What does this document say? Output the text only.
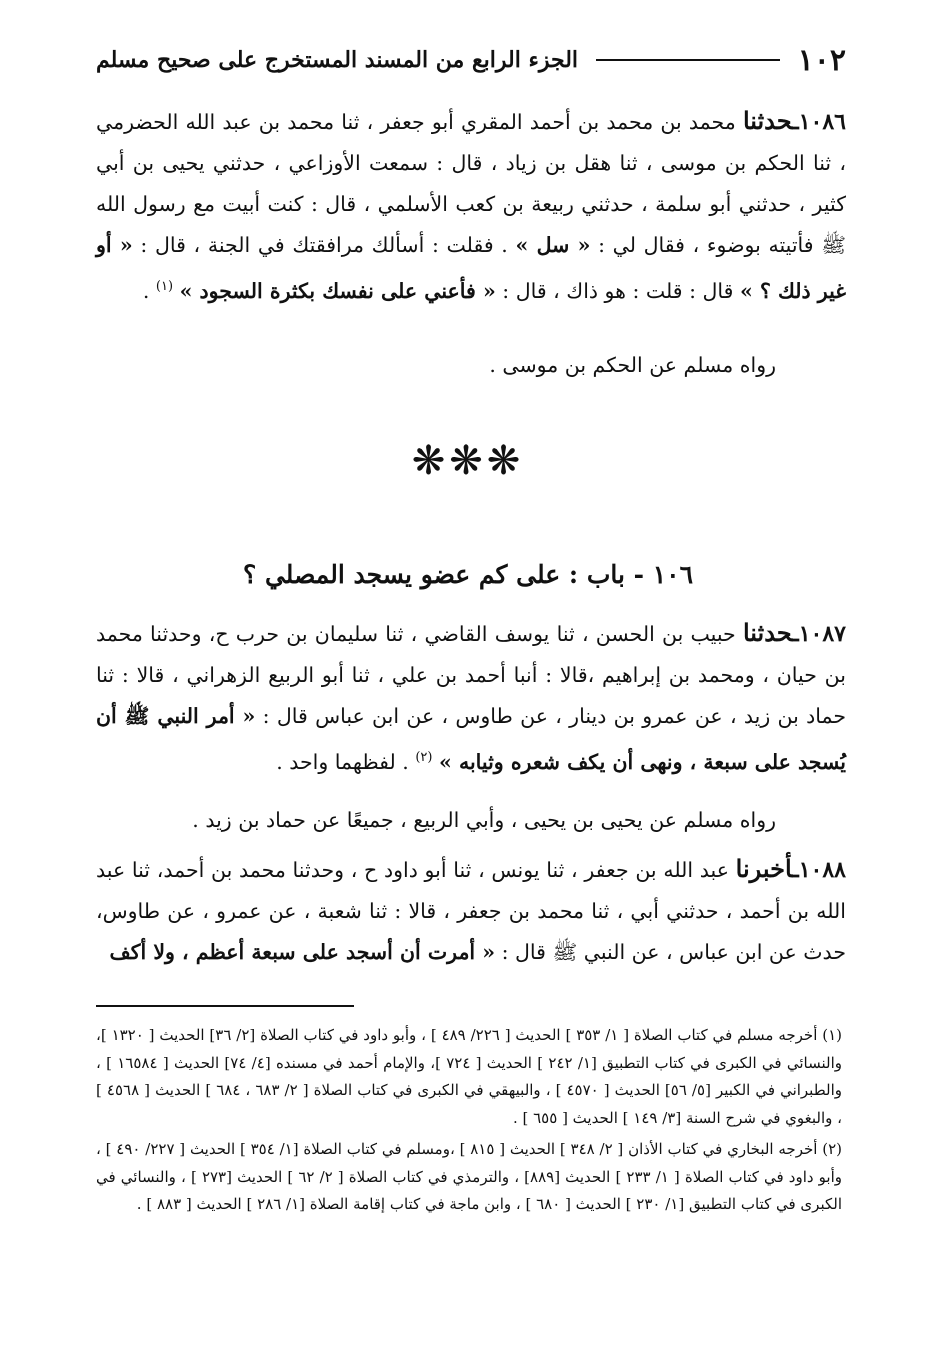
١٠٢
الجزء الرابع من المسند المستخرج على صحيح مسلم
١٠٨٦ـحدثنا محمد بن محمد بن أحمد المقري أبو جعفر ، ثنا محمد بن عبد الله الحضرمي ، ثنا الحكم بن موسى ، ثنا هقل بن زياد ، قال : سمعت الأوزاعي ، حدثني يحيى بن أبي كثير ، حدثني أبو سلمة ، حدثني ربيعة بن كعب الأسلمي ، قال : كنت أبيت مع رسول الله ﷺ فأتيته بوضوء ، فقال لي : « سل » . فقلت : أسألك مرافقتك في الجنة ، قال : « أو غير ذلك ؟ » قال : قلت : هو ذاك ، قال : « فأعني على نفسك بكثرة السجود » $^{(١)}$ .
رواه مسلم عن الحكم بن موسى .
❋❋❋
١٠٦ - باب : على كم عضو يسجد المصلي ؟
١٠٨٧ـحدثنا حبيب بن الحسن ، ثنا يوسف القاضي ، ثنا سليمان بن حرب ح، وحدثنا محمد بن حيان ، ومحمد بن إبراهيم ،قالا : أنبا أحمد بن علي ، ثنا أبو الربيع الزهراني ، قالا : ثنا حماد بن زيد ، عن عمرو بن دينار ، عن طاوس ، عن ابن عباس قال : « أمر النبي ﷺ أن يُسجد على سبعة ، ونهى أن يكف شعره وثيابه » $^{(٢)}$ . لفظهما واحد .
رواه مسلم عن يحيى بن يحيى ، وأبي الربيع ، جميعًا عن حماد بن زيد .
١٠٨٨ـأخبرنا عبد الله بن جعفر ، ثنا يونس ، ثنا أبو داود ح ، وحدثنا محمد بن أحمد، ثنا عبد الله بن أحمد ، حدثني أبي ، ثنا محمد بن جعفر ، قالا : ثنا شعبة ، عن عمرو ، عن طاوس، حدث عن ابن عباس ، عن النبي ﷺ قال : « أمرت أن أسجد على سبعة أعظم ، ولا أكف
(١) أخرجه مسلم في كتاب الصلاة [ ١/ ٣٥٣ ] الحديث [ ٢٢٦/ ٤٨٩ ] ، وأبو داود في كتاب الصلاة [٢/ ٣٦] الحديث [ ١٣٢٠ ]، والنسائي في الكبرى في كتاب التطبيق [١/ ٢٤٢ ] الحديث [ ٧٢٤ ]، والإمام أحمد في مسنده [٤/ ٧٤] الحديث [ ١٦٥٨٤ ] ، والطبراني في الكبير [٥/ ٥٦] الحديث [ ٤٥٧٠ ] ، والبيهقي في الكبرى في كتاب الصلاة [ ٢/ ٦٨٣ ، ٦٨٤ ] الحديث [ ٤٥٦٨ ] ، والبغوي في شرح السنة [٣/ ١٤٩ ] الحديث [ ٦٥٥ ] .
(٢) أخرجه البخاري في كتاب الأذان [ ٢/ ٣٤٨ ] الحديث [ ٨١٥ ] ،ومسلم في كتاب الصلاة [١/ ٣٥٤ ] الحديث [ ٢٢٧/ ٤٩٠ ] ، وأبو داود في كتاب الصلاة [ ١/ ٢٣٣ ] الحديث [٨٨٩] ، والترمذي في كتاب الصلاة [ ٢/ ٦٢ ] الحديث [٢٧٣ ] ، والنسائي في الكبرى في كتاب التطبيق [١/ ٢٣٠ ] الحديث [ ٦٨٠ ] ، وابن ماجة في كتاب إقامة الصلاة [١/ ٢٨٦ ] الحديث [ ٨٨٣ ] .
